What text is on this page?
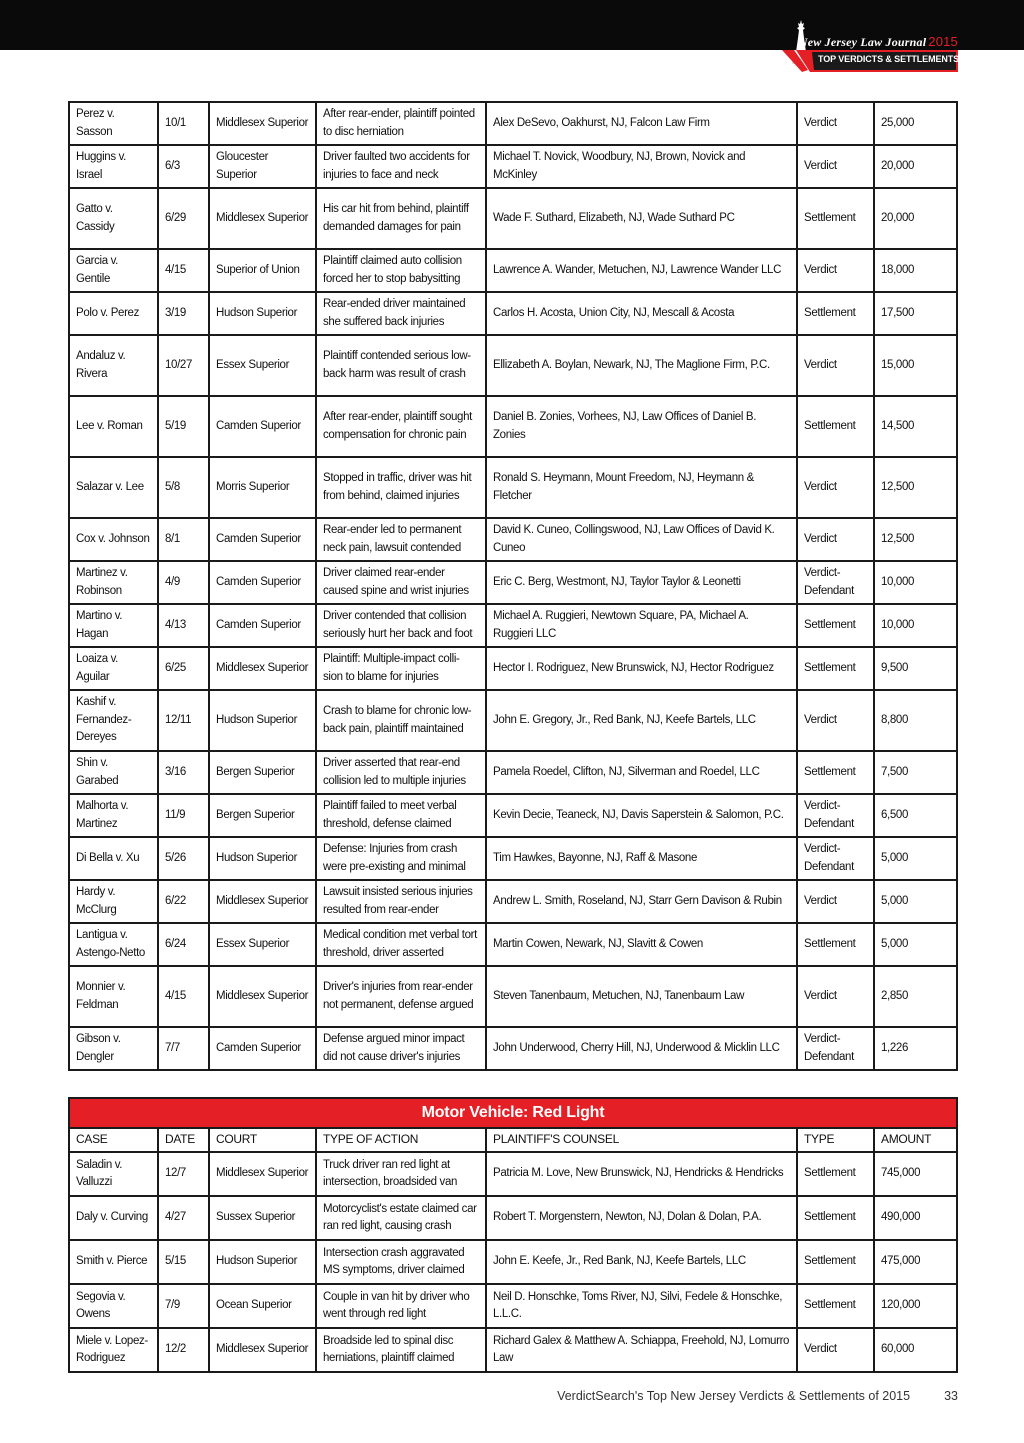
New Jersey Law Journal 2015
TOP VERDICTS & SETTLEMENTS NJ
Perez v. Sasson	10/1	Middlesex Superior	After rear-ender, plaintiff pointed to disc herniation	Alex DeSevo, Oakhurst, NJ, Falcon Law Firm	Verdict	25,000
Huggins v. Israel	6/3	Gloucester Superior	Driver faulted two accidents for injuries to face and neck	Michael T. Novick, Woodbury, NJ, Brown, Novick and McKinley	Verdict	20,000
Gatto v. Cassidy	6/29	Middlesex Superior	His car hit from behind, plaintiff demanded damages for pain	Wade F. Suthard, Elizabeth, NJ, Wade Suthard PC	Settlement	20,000
Garcia v. Gentile	4/15	Superior of Union	Plaintiff claimed auto collision forced her to stop babysitting	Lawrence A. Wander, Metuchen, NJ, Lawrence Wander LLC	Verdict	18,000
Polo v. Perez	3/19	Hudson Superior	Rear-ended driver maintained she suffered back injuries	Carlos H. Acosta, Union City, NJ, Mescall & Acosta	Settlement	17,500
Andaluz v. Rivera	10/27	Essex Superior	Plaintiff contended serious low-back harm was result of crash	Ellizabeth A. Boylan, Newark, NJ, The Maglione Firm, P.C.	Verdict	15,000
Lee v. Roman	5/19	Camden Superior	After rear-ender, plaintiff sought compensation for chronic pain	Daniel B. Zonies, Vorhees, NJ, Law Offices of Daniel B. Zonies	Settlement	14,500
Salazar v. Lee	5/8	Morris Superior	Stopped in traffic, driver was hit from behind, claimed injuries	Ronald S. Heymann, Mount Freedom, NJ, Heymann & Fletcher	Verdict	12,500
Cox v. Johnson	8/1	Camden Superior	Rear-ender led to permanent neck pain, lawsuit contended	David K. Cuneo, Collingswood, NJ, Law Offices of David K. Cuneo	Verdict	12,500
Martinez v. Robinson	4/9	Camden Superior	Driver claimed rear-ender caused spine and wrist injuries	Eric C. Berg, Westmont, NJ, Taylor Taylor & Leonetti	Verdict-Defendant	10,000
Martino v. Hagan	4/13	Camden Superior	Driver contended that collision seriously hurt her back and foot	Michael A. Ruggieri, Newtown Square, PA, Michael A. Ruggieri LLC	Settlement	10,000
Loaiza v. Aguilar	6/25	Middlesex Superior	Plaintiff: Multiple-impact colli-sion to blame for injuries	Hector I. Rodriguez, New Brunswick, NJ, Hector Rodriguez	Settlement	9,500
Kashif v. Fernandez-Dereyes	12/11	Hudson Superior	Crash to blame for chronic low-back pain, plaintiff maintained	John E. Gregory, Jr., Red Bank, NJ, Keefe Bartels, LLC	Verdict	8,800
Shin v. Garabed	3/16	Bergen Superior	Driver asserted that rear-end collision led to multiple injuries	Pamela Roedel, Clifton, NJ, Silverman and Roedel, LLC	Settlement	7,500
Malhorta v. Martinez	11/9	Bergen Superior	Plaintiff failed to meet verbal threshold, defense claimed	Kevin Decie, Teaneck, NJ, Davis Saperstein & Salomon, P.C.	Verdict-Defendant	6,500
Di Bella v. Xu	5/26	Hudson Superior	Defense: Injuries from crash were pre-existing and minimal	Tim Hawkes, Bayonne, NJ, Raff & Masone	Verdict-Defendant	5,000
Hardy v. McClurg	6/22	Middlesex Superior	Lawsuit insisted serious injuries resulted from rear-ender	Andrew L. Smith, Roseland, NJ, Starr Gern Davison & Rubin	Verdict	5,000
Lantigua v. Astengo-Netto	6/24	Essex Superior	Medical condition met verbal tort threshold, driver asserted	Martin Cowen, Newark, NJ, Slavitt & Cowen	Settlement	5,000
Monnier v. Feldman	4/15	Middlesex Superior	Driver's injuries from rear-ender not permanent, defense argued	Steven Tanenbaum, Metuchen, NJ, Tanenbaum Law	Verdict	2,850
Gibson v. Dengler	7/7	Camden Superior	Defense argued minor impact did not cause driver's injuries	John Underwood, Cherry Hill, NJ, Underwood & Micklin LLC	Verdict-Defendant	1,226
Motor Vehicle: Red Light						
CASE	DATE	COURT	TYPE OF ACTION	PLAINTIFF'S COUNSEL	TYPE	AMOUNT
Saladin v. Valluzzi	12/7	Middlesex Superior	Truck driver ran red light at intersection, broadsided van	Patricia M. Love, New Brunswick, NJ, Hendricks & Hendricks	Settlement	745,000
Daly v. Curving	4/27	Sussex Superior	Motorcyclist's estate claimed car ran red light, causing crash	Robert T. Morgenstern, Newton, NJ, Dolan & Dolan, P.A.	Settlement	490,000
Smith v. Pierce	5/15	Hudson Superior	Intersection crash aggravated MS symptoms, driver claimed	John E. Keefe, Jr., Red Bank, NJ, Keefe Bartels, LLC	Settlement	475,000
Segovia v. Owens	7/9	Ocean Superior	Couple in van hit by driver who went through red light	Neil D. Honschke, Toms River, NJ, Silvi, Fedele & Honschke, L.L.C.	Settlement	120,000
Miele v. Lopez-Rodriguez	12/2	Middlesex Superior	Broadside led to spinal disc herniations, plaintiff claimed	Richard Galex & Matthew A. Schiappa, Freehold, NJ, Lomurro Law	Verdict	60,000
VerdictSearch's Top New Jersey Verdicts & Settlements of 2015	33
